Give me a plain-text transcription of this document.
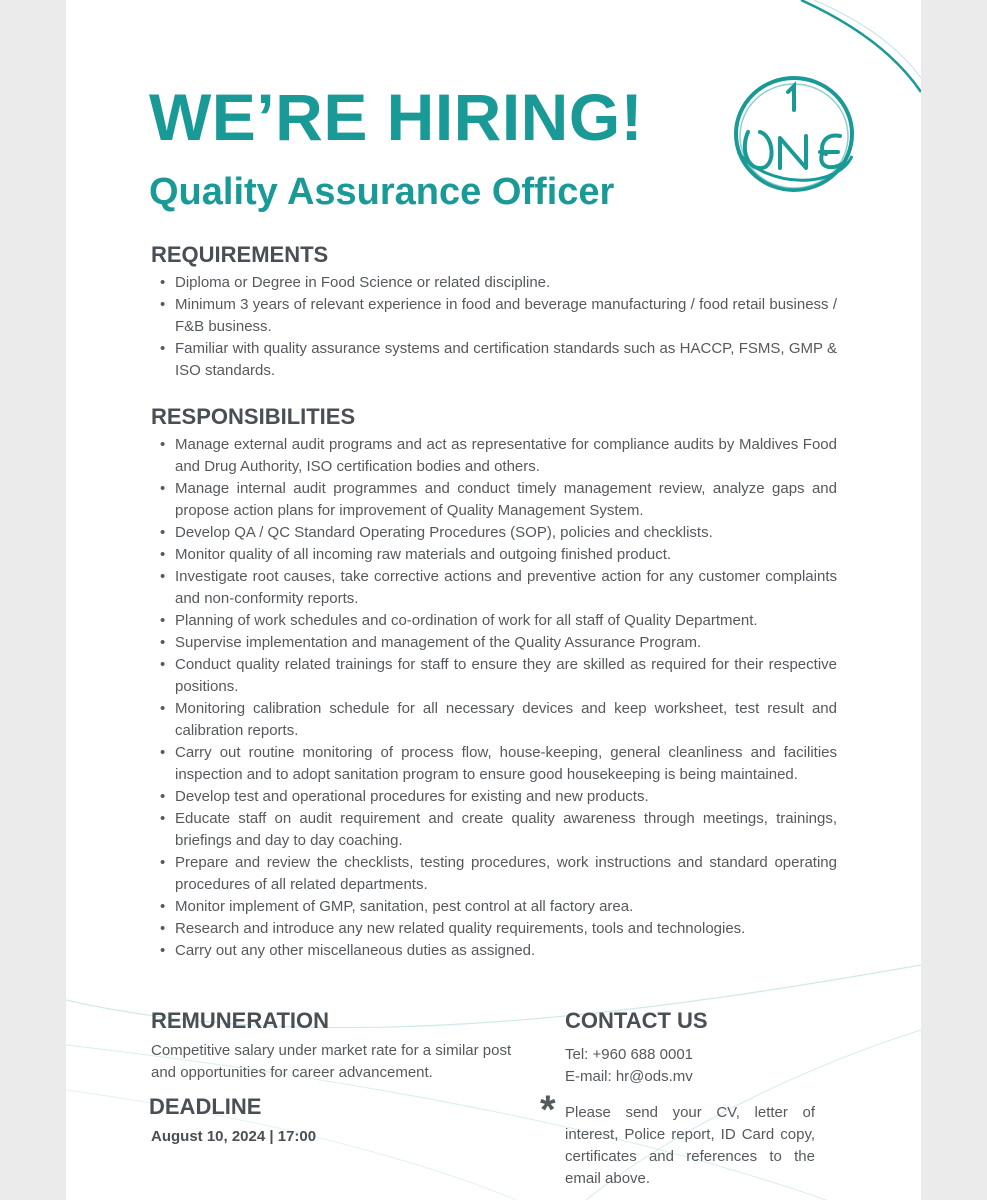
WE’RE HIRING!
Quality Assurance Officer
REQUIREMENTS
• Diploma or Degree in Food Science or related discipline.
• Minimum 3 years of relevant experience in food and beverage manufacturing / food retail business / F&B business.
• Familiar with quality assurance systems and certification standards such as HACCP, FSMS, GMP & ISO standards.
RESPONSIBILITIES
• Manage external audit programs and act as representative for compliance audits by Maldives Food and Drug Authority, ISO certification bodies and others.
• Manage internal audit programmes and conduct timely management review, analyze gaps and propose action plans for improvement of Quality Management System.
• Develop QA / QC Standard Operating Procedures (SOP), policies and checklists.
• Monitor quality of all incoming raw materials and outgoing finished product.
• Investigate root causes, take corrective actions and preventive action for any customer complaints and non-conformity reports.
• Planning of work schedules and co-ordination of work for all staff of Quality Department.
• Supervise implementation and management of the Quality Assurance Program.
• Conduct quality related trainings for staff to ensure they are skilled as required for their respective positions.
• Monitoring calibration schedule for all necessary devices and keep worksheet, test result and calibration reports.
• Carry out routine monitoring of process flow, house-keeping, general cleanliness and facilities inspection and to adopt sanitation program to ensure good housekeeping is being maintained.
• Develop test and operational procedures for existing and new products.
• Educate staff on audit requirement and create quality awareness through meetings, trainings, briefings and day to day coaching.
• Prepare and review the checklists, testing procedures, work instructions and standard operating procedures of all related departments.
• Monitor implement of GMP, sanitation, pest control at all factory area.
• Research and introduce any new related quality requirements, tools and technologies.
• Carry out any other miscellaneous duties as assigned.
REMUNERATION

Competitive salary under market rate for a similar post and opportunities for career advancement.

DEADLINE

August 10, 2024 | 17:00

CONTACT US
Tel: +960 688 0001
E-mail: hr@ods.mv
* Please send your CV, letter of interest, Police report, ID Card copy, certificates and references to the email above.
